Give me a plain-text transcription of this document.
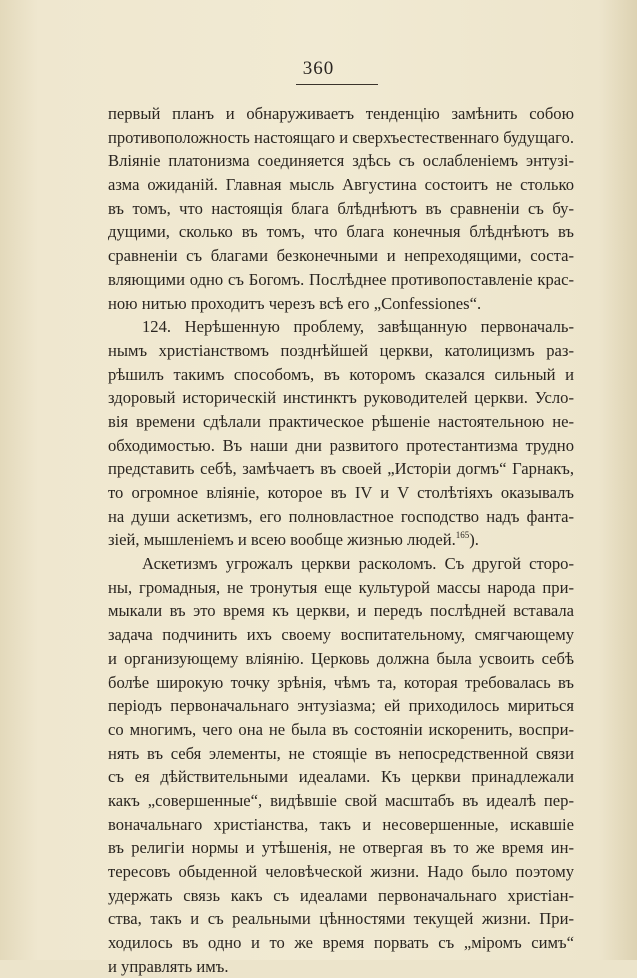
360
первый планъ и обнаруживаетъ тенденцію замѣнить собою
противоположность настоящаго и сверхъестественнаго будущаго.
Вліяніе платонизма соединяется здѣсь съ ослабленіемъ энтузі-
азма ожиданій. Главная мысль Августина состоитъ не столько
въ томъ, что настоящія блага блѣднѣютъ въ сравненіи съ бу-
дущими, сколько въ томъ, что блага конечныя блѣднѣютъ въ
сравненіи съ благами безконечными и непреходящими, соста-
вляющими одно съ Богомъ. Послѣднее противопоставленіе крас-
ною нитью проходитъ черезъ всѣ его „Confessiones“.
124. Нерѣшенную проблему, завѣщанную первоначаль-
нымъ христіанствомъ позднѣйшей церкви, католицизмъ раз-
рѣшилъ такимъ способомъ, въ которомъ сказался сильный и
здоровый историческій инстинктъ руководителей церкви. Усло-
вія времени сдѣлали практическое рѣшеніе настоятельною не-
обходимостью. Въ наши дни развитого протестантизма трудно
представить себѣ, замѣчаетъ въ своей „Исторіи догмъ“ Гарнакъ,
то огромное вліяніе, которое въ IV и V столѣтіяхъ оказывалъ
на души аскетизмъ, его полновластное господство надъ фанта-
зіей, мышленіемъ и всею вообще жизнью людей.$^{165}$).
Аскетизмъ угрожалъ церкви расколомъ. Съ другой сторо-
ны, громадныя, не тронутыя еще культурой массы народа при-
мыкали въ это время къ церкви, и передъ послѣдней вставала
задача подчинить ихъ своему воспитательному, смягчающему
и организующему вліянію. Церковь должна была усвоить себѣ
болѣе широкую точку зрѣнія, чѣмъ та, которая требовалась въ
періодъ первоначальнаго энтузіазма; ей приходилось мириться
со многимъ, чего она не была въ состояніи искоренить, воспри-
нять въ себя элементы, не стоящіе въ непосредственной связи
съ ея дѣйствительными идеалами. Къ церкви принадлежали
какъ „совершенные“, видѣвшіе свой масштабъ въ идеалѣ пер-
воначальнаго христіанства, такъ и несовершенные, искавшіе
въ религіи нормы и утѣшенія, не отвергая въ то же время ин-
тересовъ обыденной человѣческой жизни. Надо было поэтому
удержать связь какъ съ идеалами первоначальнаго христіан-
ства, такъ и съ реальными цѣнностями текущей жизни. При-
ходилось въ одно и то же время порвать съ „міромъ симъ“
и управлять имъ.
